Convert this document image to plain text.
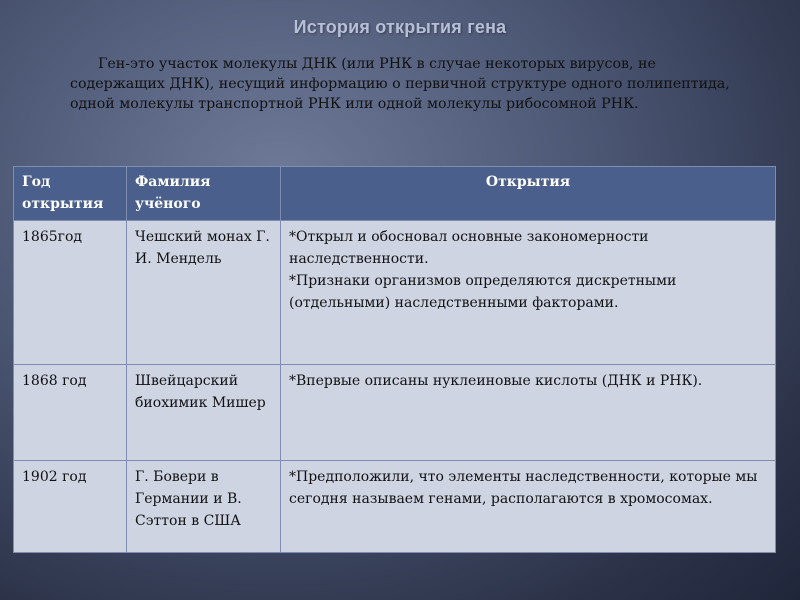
История открытия гена
Ген-это участок молекулы ДНК (или РНК в случае некоторых вирусов, не содержащих ДНК), несущий информацию о первичной структуре одного полипептида, одной молекулы транспортной РНК или одной молекулы рибосомной РНК.
Год открытия	Фамилия учёного	Открытия
1865год	Чешский монах Г. И. Мендель	*Открыл и обосновал основные закономерности наследственности.
*Признаки организмов определяются дискретными (отдельными) наследственными факторами.

1868 год	Швейцарский биохимик Мишер	*Впервые описаны нуклеиновые кислоты (ДНК и РНК).

1902 год	Г. Бовери в Германии и В. Сэттон в США	*Предположили, что элементы наследственности, которые мы сегодня называем генами, располагаются в хромосомах.
